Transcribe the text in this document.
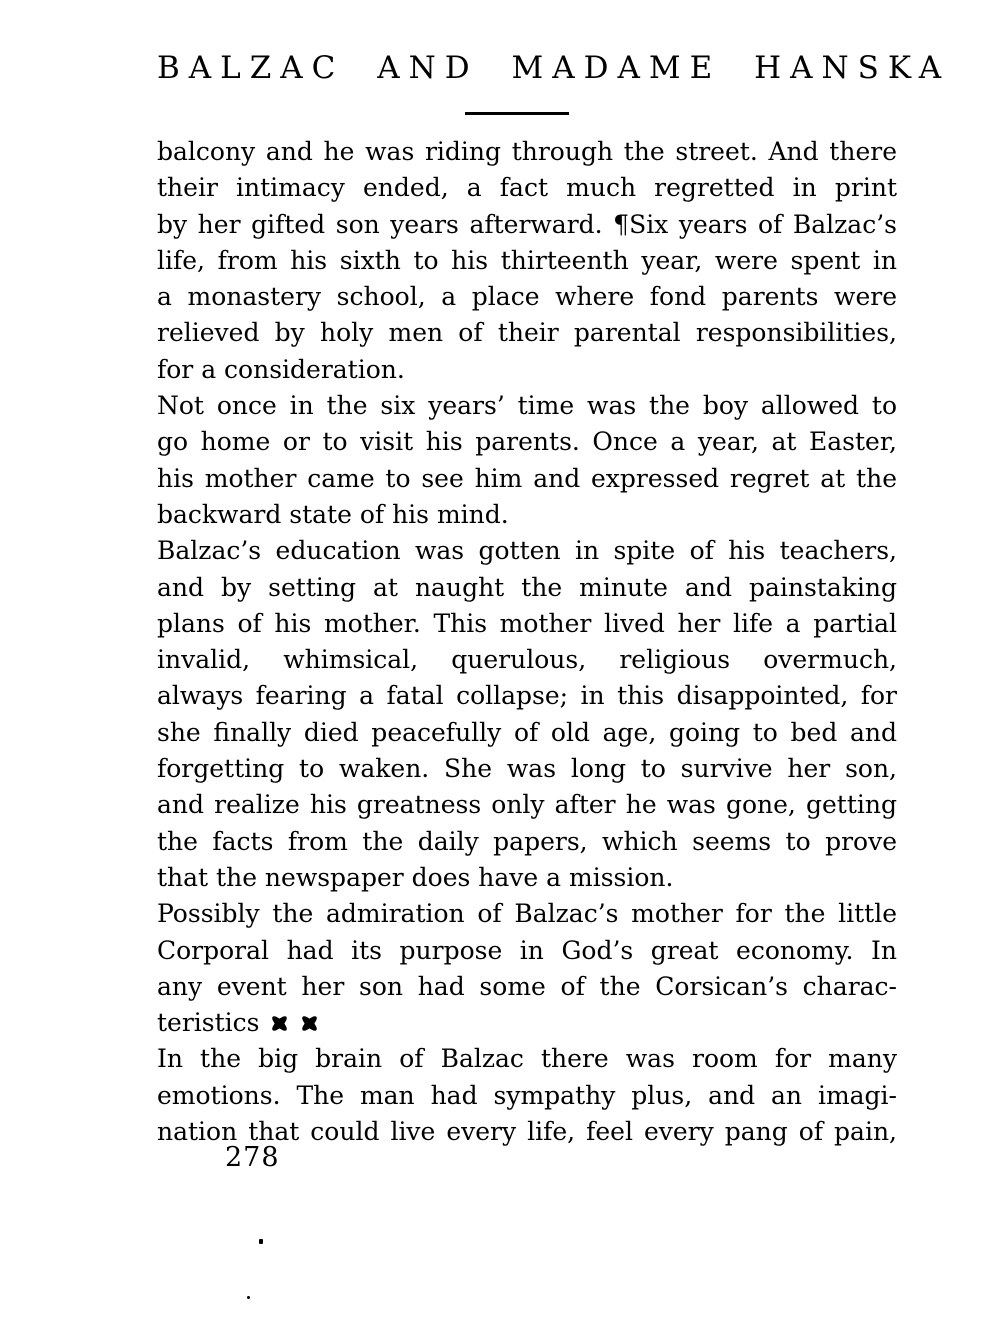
BALZAC AND MADAME HANSKA
balcony and he was riding through the street. And there
their intimacy ended, a fact much regretted in print
by her gifted son years afterward. ¶Six years of Balzac’s
life, from his sixth to his thirteenth year, were spent in
a monastery school, a place where fond parents were
relieved by holy men of their parental responsibilities,
for a consideration.
Not once in the six years’ time was the boy allowed to
go home or to visit his parents. Once a year, at Easter,
his mother came to see him and expressed regret at the
backward state of his mind.
Balzac’s education was gotten in spite of his teachers,
and by setting at naught the minute and painstaking
plans of his mother. This mother lived her life a partial
invalid, whimsical, querulous, religious overmuch,
always fearing a fatal collapse; in this disappointed, for
she finally died peacefully of old age, going to bed and
forgetting to waken. She was long to survive her son,
and realize his greatness only after he was gone, getting
the facts from the daily papers, which seems to prove
that the newspaper does have a mission.
Possibly the admiration of Balzac’s mother for the little
Corporal had its purpose in God’s great economy. In
any event her son had some of the Corsican’s charac-
teristics
In the big brain of Balzac there was room for many
emotions. The man had sympathy plus, and an imagi-
nation that could live every life, feel every pang of pain,
278
